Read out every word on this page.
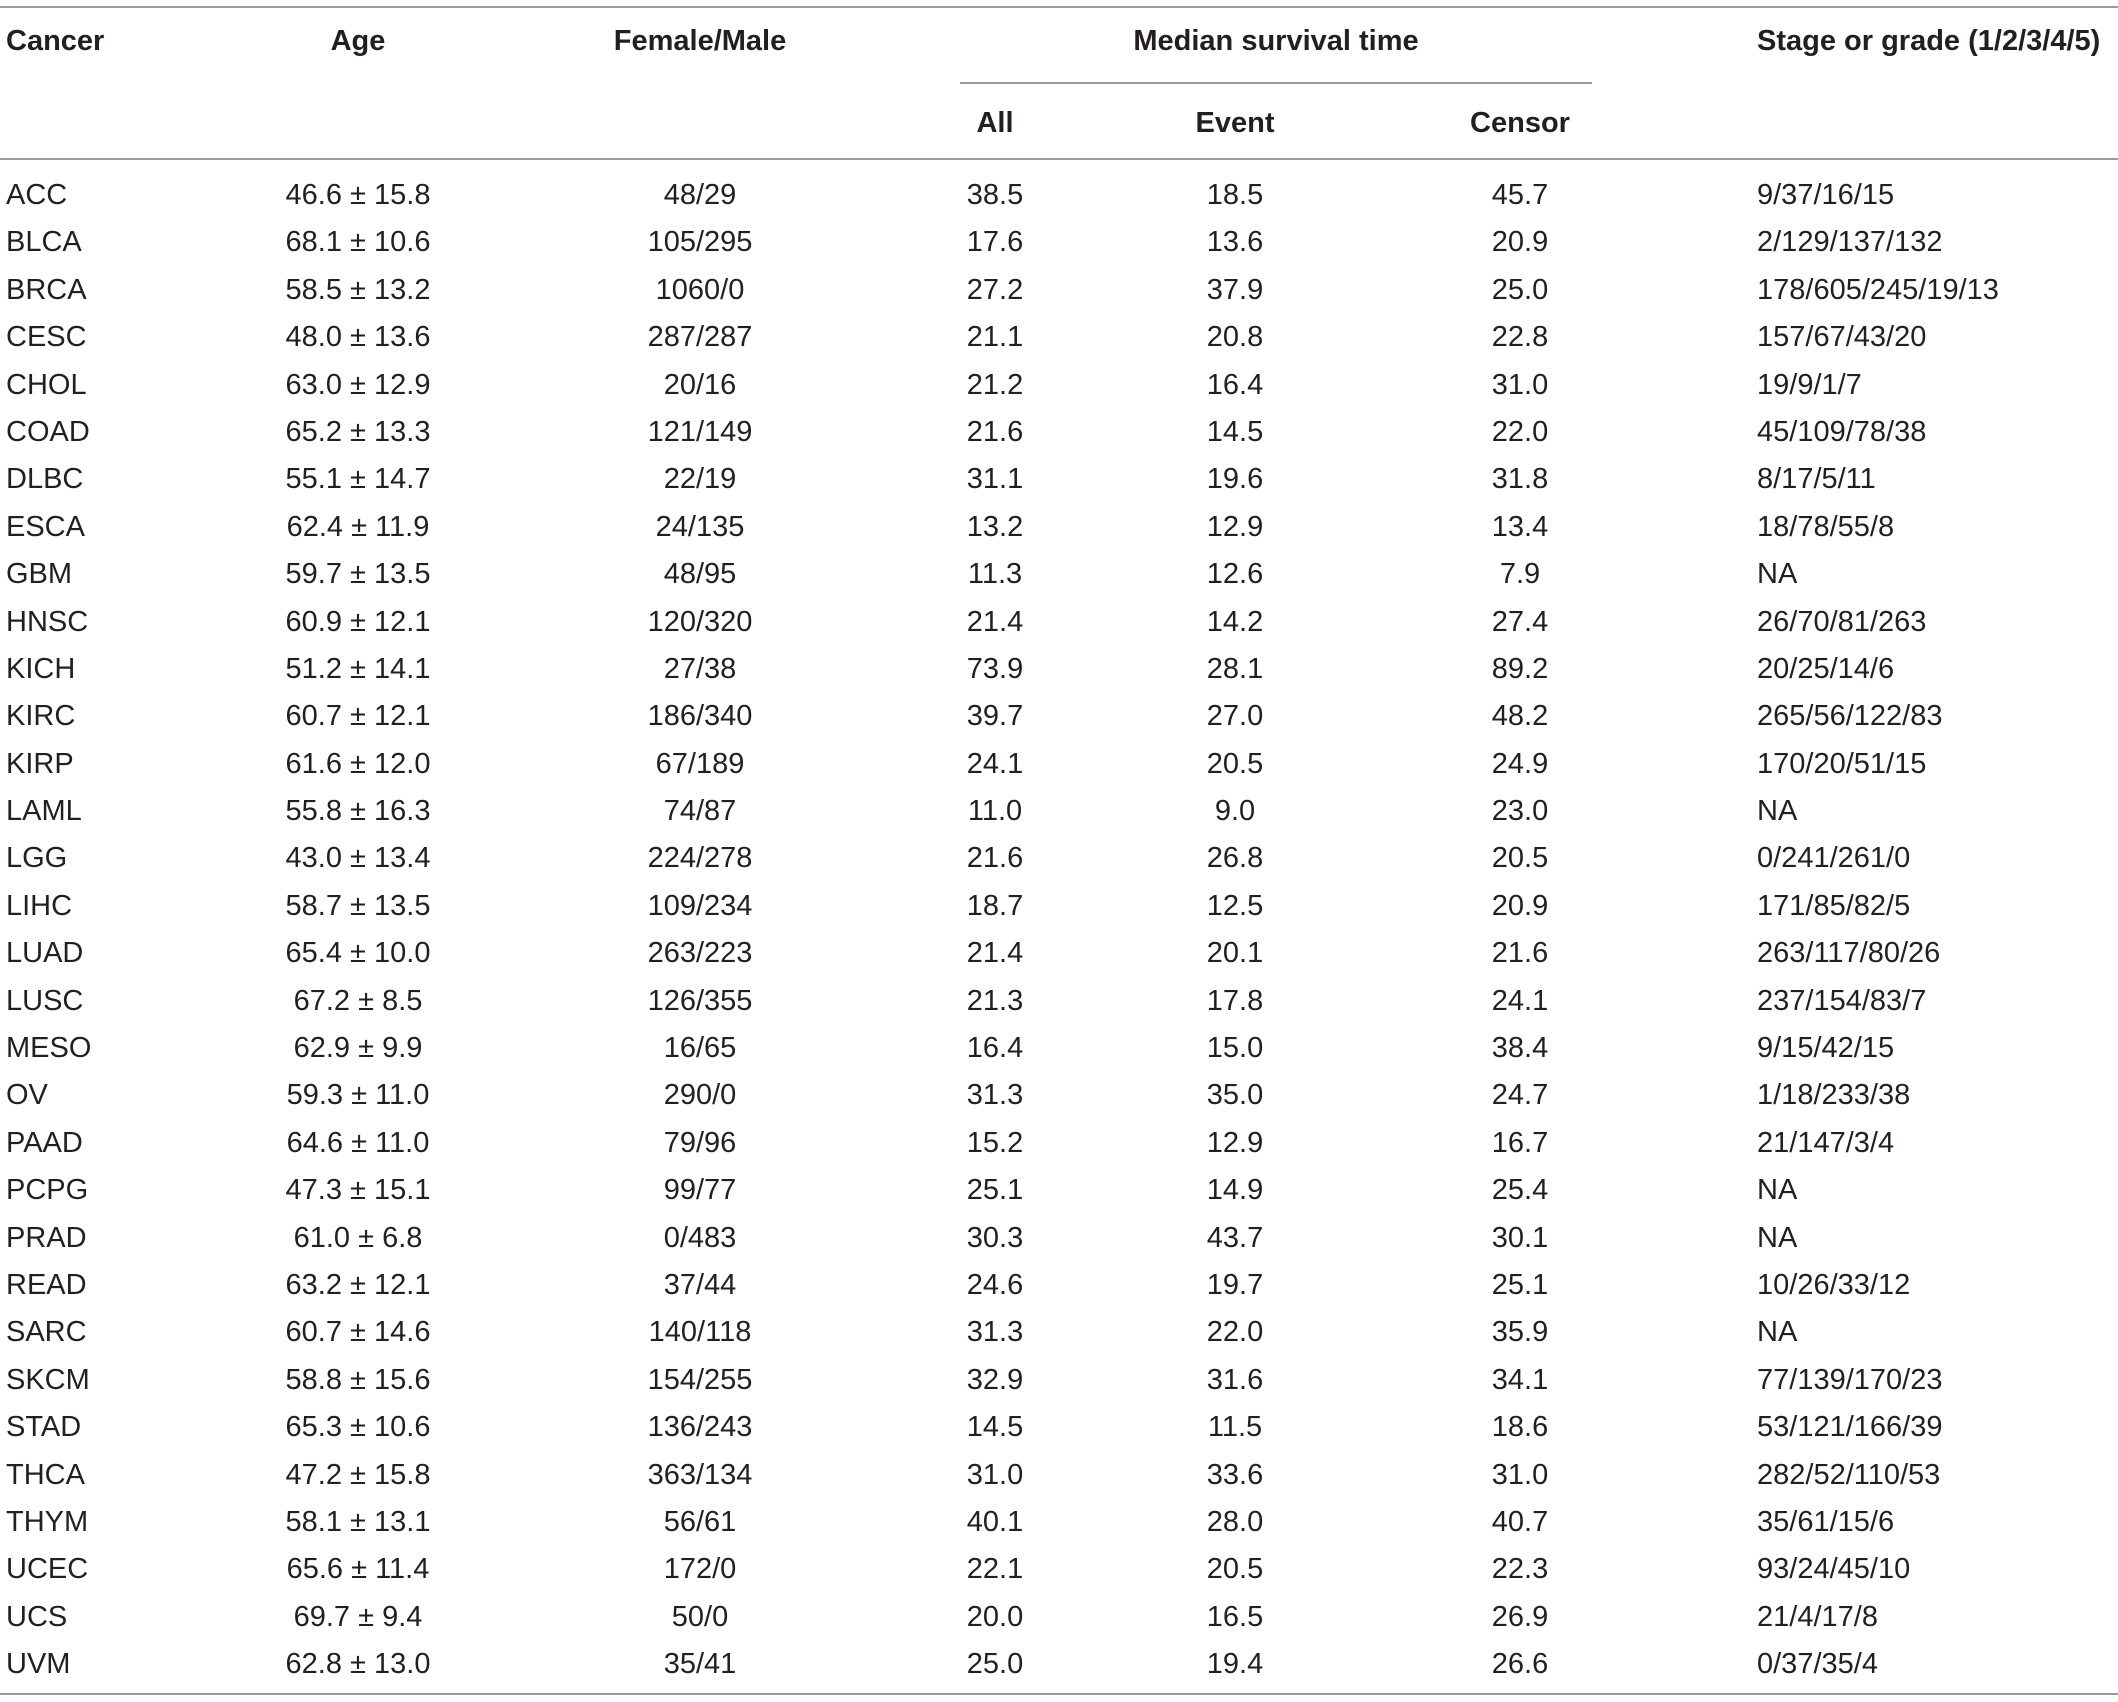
Cancer	Age	Female/Male	Median survival time	Stage or grade (1/2/3/4/5)
All	Event	Censor
ACC	46.6 ± 15.8	48/29	38.5	18.5	45.7	9/37/16/15
BLCA	68.1 ± 10.6	105/295	17.6	13.6	20.9	2/129/137/132
BRCA	58.5 ± 13.2	1060/0	27.2	37.9	25.0	178/605/245/19/13
CESC	48.0 ± 13.6	287/287	21.1	20.8	22.8	157/67/43/20
CHOL	63.0 ± 12.9	20/16	21.2	16.4	31.0	19/9/1/7
COAD	65.2 ± 13.3	121/149	21.6	14.5	22.0	45/109/78/38
DLBC	55.1 ± 14.7	22/19	31.1	19.6	31.8	8/17/5/11
ESCA	62.4 ± 11.9	24/135	13.2	12.9	13.4	18/78/55/8
GBM	59.7 ± 13.5	48/95	11.3	12.6	7.9	NA
HNSC	60.9 ± 12.1	120/320	21.4	14.2	27.4	26/70/81/263
KICH	51.2 ± 14.1	27/38	73.9	28.1	89.2	20/25/14/6
KIRC	60.7 ± 12.1	186/340	39.7	27.0	48.2	265/56/122/83
KIRP	61.6 ± 12.0	67/189	24.1	20.5	24.9	170/20/51/15
LAML	55.8 ± 16.3	74/87	11.0	9.0	23.0	NA
LGG	43.0 ± 13.4	224/278	21.6	26.8	20.5	0/241/261/0
LIHC	58.7 ± 13.5	109/234	18.7	12.5	20.9	171/85/82/5
LUAD	65.4 ± 10.0	263/223	21.4	20.1	21.6	263/117/80/26
LUSC	67.2 ± 8.5	126/355	21.3	17.8	24.1	237/154/83/7
MESO	62.9 ± 9.9	16/65	16.4	15.0	38.4	9/15/42/15
OV	59.3 ± 11.0	290/0	31.3	35.0	24.7	1/18/233/38
PAAD	64.6 ± 11.0	79/96	15.2	12.9	16.7	21/147/3/4
PCPG	47.3 ± 15.1	99/77	25.1	14.9	25.4	NA
PRAD	61.0 ± 6.8	0/483	30.3	43.7	30.1	NA
READ	63.2 ± 12.1	37/44	24.6	19.7	25.1	10/26/33/12
SARC	60.7 ± 14.6	140/118	31.3	22.0	35.9	NA
SKCM	58.8 ± 15.6	154/255	32.9	31.6	34.1	77/139/170/23
STAD	65.3 ± 10.6	136/243	14.5	11.5	18.6	53/121/166/39
THCA	47.2 ± 15.8	363/134	31.0	33.6	31.0	282/52/110/53
THYM	58.1 ± 13.1	56/61	40.1	28.0	40.7	35/61/15/6
UCEC	65.6 ± 11.4	172/0	22.1	20.5	22.3	93/24/45/10
UCS	69.7 ± 9.4	50/0	20.0	16.5	26.9	21/4/17/8
UVM	62.8 ± 13.0	35/41	25.0	19.4	26.6	0/37/35/4
